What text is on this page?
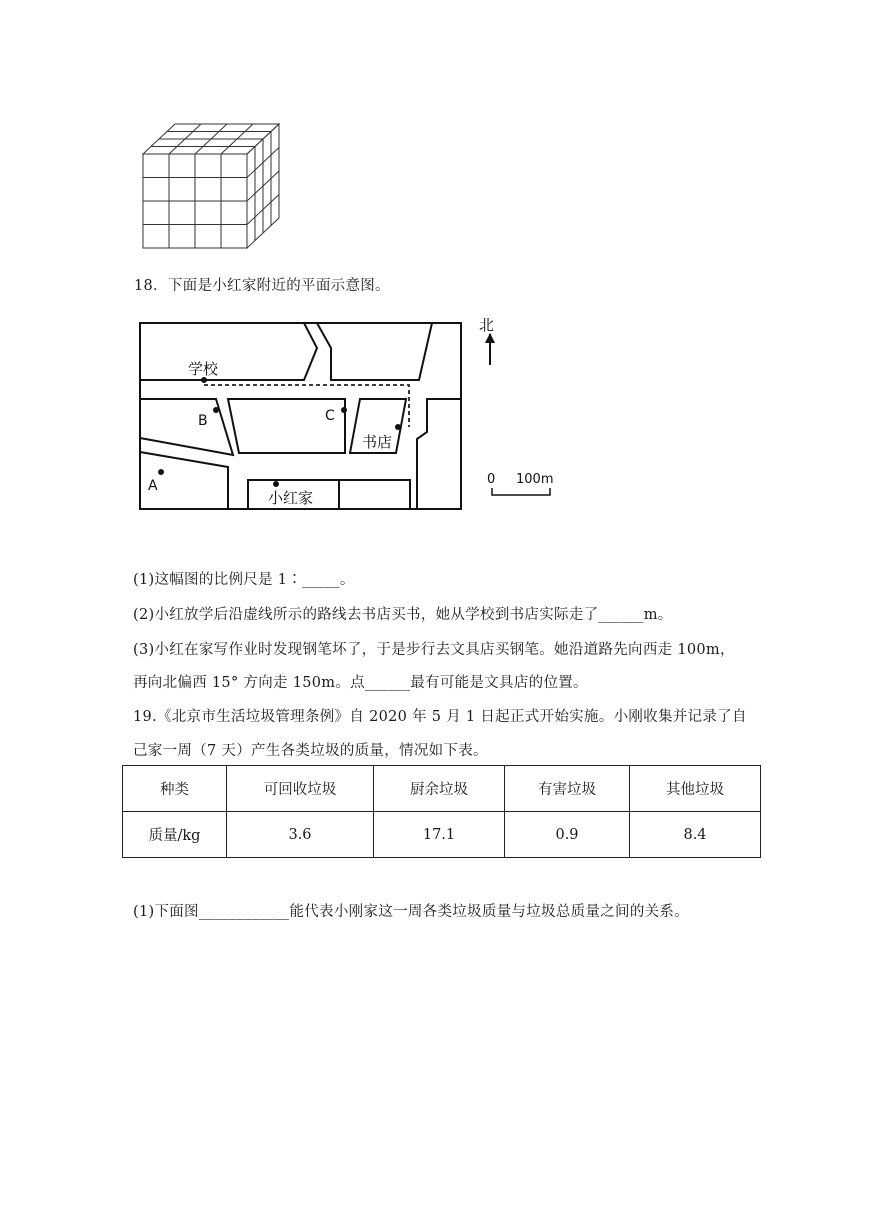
18．下面是小红家附近的平面示意图。
学校
B	C
书店
A
小红家
北
0 100m
(1)这幅图的比例尺是 1∶_____。
(2)小红放学后沿虚线所示的路线去书店买书，她从学校到书店实际走了______m。
(3)小红在家写作业时发现钢笔坏了，于是步行去文具店买钢笔。她沿道路先向西走 100m，
再向北偏西 15° 方向走 150m。点______最有可能是文具店的位置。
19.《北京市生活垃圾管理条例》自 2020 年 5 月 1 日起正式开始实施。小刚收集并记录了自
己家一周（7 天）产生各类垃圾的质量，情况如下表。
种类	可回收垃圾	厨余垃圾	有害垃圾	其他垃圾
质量/kg	3.6	17.1	0.9	8.4
(1)下面图____________能代表小刚家这一周各类垃圾质量与垃圾总质量之间的关系。
